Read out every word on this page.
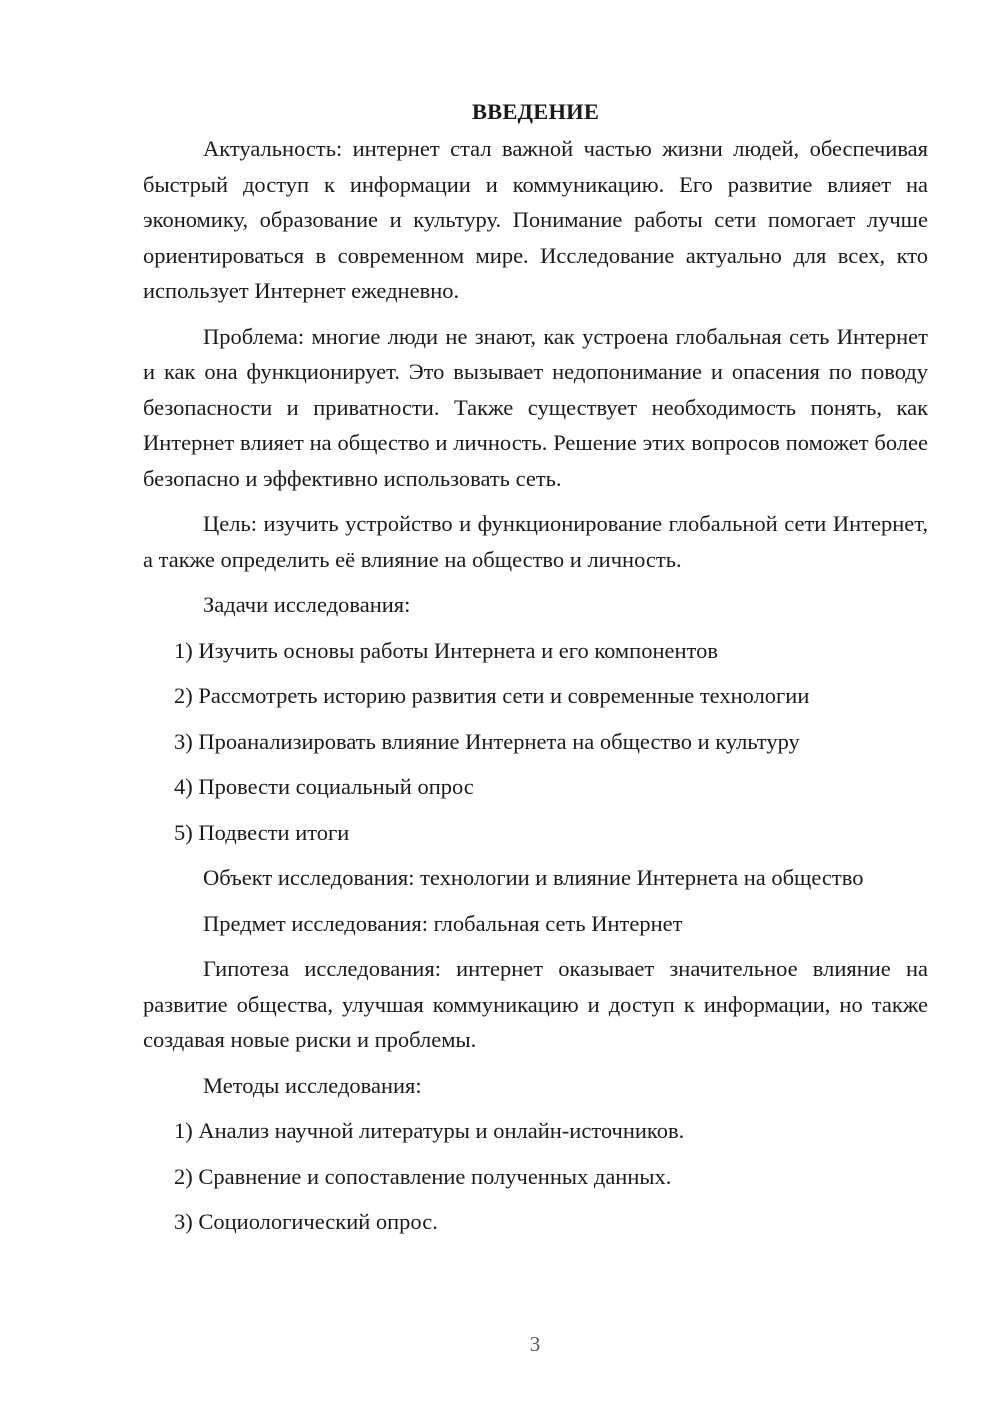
ВВЕДЕНИЕ

Актуальность: интернет стал важной частью жизни людей, обеспечивая быстрый доступ к информации и коммуникацию. Его развитие влияет на экономику, образование и культуру. Понимание работы сети помогает лучше ориентироваться в современном мире. Исследование актуально для всех, кто использует Интернет ежедневно.

Проблема: многие люди не знают, как устроена глобальная сеть Интернет и как она функционирует. Это вызывает недопонимание и опасения по поводу безопасности и приватности. Также существует необходимость понять, как Интернет влияет на общество и личность. Решение этих вопросов поможет более безопасно и эффективно использовать сеть.

Цель: изучить устройство и функционирование глобальной сети Интернет, а также определить её влияние на общество и личность.

Задачи исследования:

1) Изучить основы работы Интернета и его компонентов
2) Рассмотреть историю развития сети и современные технологии
3) Проанализировать влияние Интернета на общество и культуру
4) Провести социальный опрос
5) Подвести итоги

Объект исследования: технологии и влияние Интернета на общество

Предмет исследования: глобальная сеть Интернет

Гипотеза исследования: интернет оказывает значительное влияние на развитие общества, улучшая коммуникацию и доступ к информации, но также создавая новые риски и проблемы.

Методы исследования:

1) Анализ научной литературы и онлайн-источников.
2) Сравнение и сопоставление полученных данных.
3) Социологический опрос.
3
